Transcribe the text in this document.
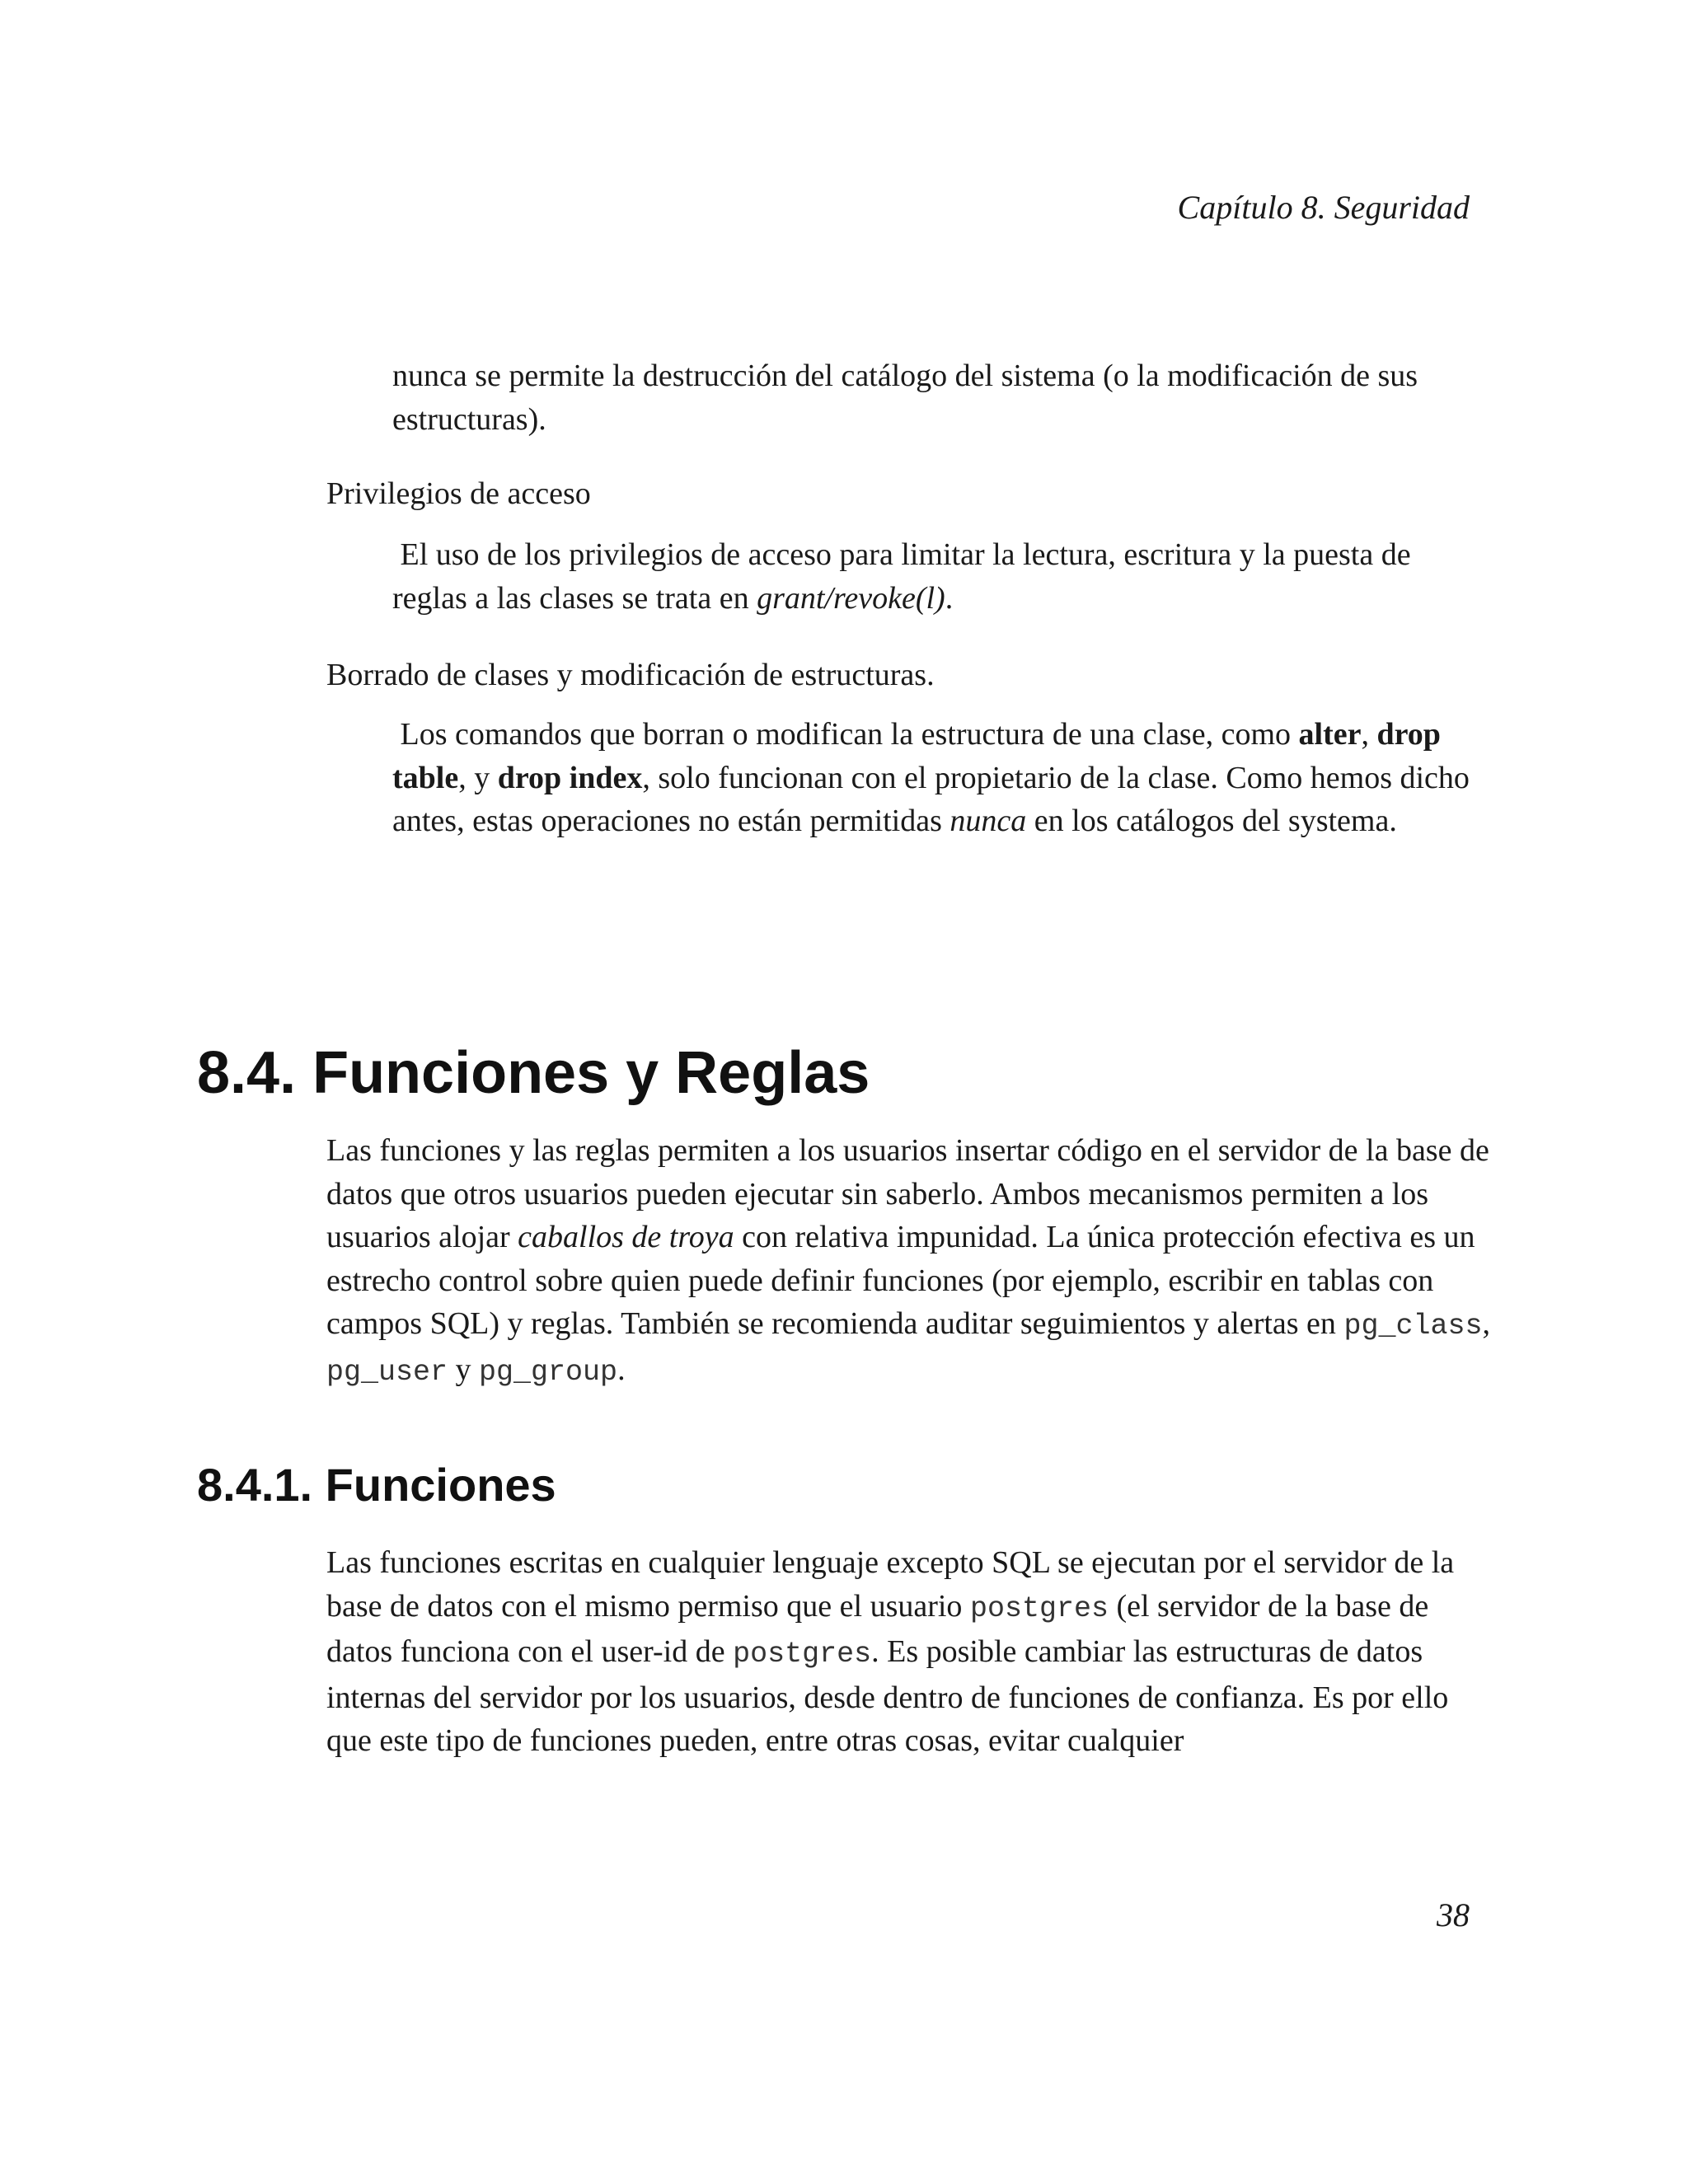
Capítulo 8. Seguridad
nunca se permite la destrucción del catálogo del sistema (o la modificación de sus estructuras).
Privilegios de acceso
El uso de los privilegios de acceso para limitar la lectura, escritura y la puesta de reglas a las clases se trata en grant/revoke(l).
Borrado de clases y modificación de estructuras.
Los comandos que borran o modifican la estructura de una clase, como alter, drop table, y drop index, solo funcionan con el propietario de la clase. Como hemos dicho antes, estas operaciones no están permitidas nunca en los catálogos del systema.
8.4. Funciones y Reglas
Las funciones y las reglas permiten a los usuarios insertar código en el servidor de la base de datos que otros usuarios pueden ejecutar sin saberlo. Ambos mecanismos permiten a los usuarios alojar caballos de troya con relativa impunidad. La única protección efectiva es un estrecho control sobre quien puede definir funciones (por ejemplo, escribir en tablas con campos SQL) y reglas. También se recomienda auditar seguimientos y alertas en pg_class, pg_user y pg_group.
8.4.1. Funciones
Las funciones escritas en cualquier lenguaje excepto SQL se ejecutan por el servidor de la base de datos con el mismo permiso que el usuario postgres (el servidor de la base de datos funciona con el user-id de postgres. Es posible cambiar las estructuras de datos internas del servidor por los usuarios, desde dentro de funciones de confianza. Es por ello que este tipo de funciones pueden, entre otras cosas, evitar cualquier
38
